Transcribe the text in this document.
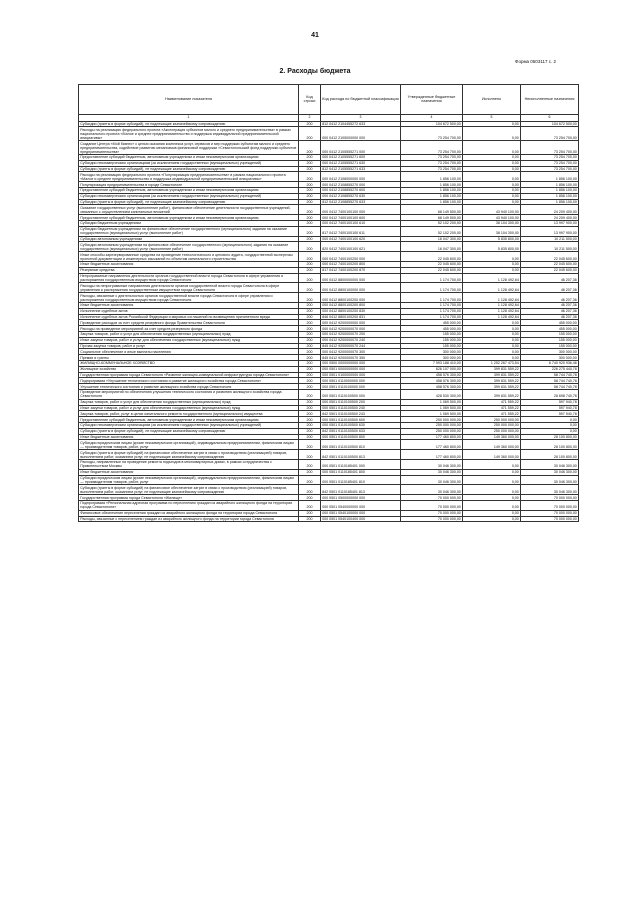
41
Форма 0503117 с. 2
2. Расходы бюджета
Наименование показателя	Код строки	Код расхода по бюджетной классификации	Утвержденные бюджетные назначения	Исполнено	Неисполненные назначения
1	2	3	4	5	6
Субсидии (гранты в форме субсидий), не подлежащие казначейскому сопровождению	200	812 0412 2104455272 633	104 672 500,00	0,00	104 672 500,00
Расходы на реализацию федерального проекта «Акселерация субъектов малого и среднего предпринимательства» в рамках национального проекта «Малое и среднее предпринимательство и поддержка индивидуальной предпринимательской инициативы»	200	000 0412 2105000000 000	73 254 700,00	0,00	73 254 700,00
Создание Центра «Мой бизнес» с целью оказания комплекса услуг, сервисов и мер поддержки субъектам малого и среднего предпринимательства, содействие развитию механизмов финансовой поддержки «Севастопольский фонд поддержки субъектов предпринимательства»	200	000 0412 2105555271 000	73 254 700,00	0,00	73 254 700,00
Предоставление субсидий бюджетным, автономным учреждениям и иным некоммерческим организациям	200	000 0412 2105555271 600	73 254 700,00	0,00	73 254 700,00
Субсидии некоммерческим организациям (за исключением государственных (муниципальных) учреждений)	200	000 0412 2105555271 630	73 254 700,00	0,00	73 254 700,00
Субсидии (гранты в форме субсидий), не подлежащие казначейскому сопровождению	200	812 0412 2105555271 633	73 254 700,00	0,00	73 254 700,00
Расходы на реализацию федерального проекта «Популяризация предпринимательства» в рамках национального проекта «Малое и среднее предпринимательство и поддержка индивидуальной предпринимательской инициативы»	200	000 0412 2108000000 000	1 856 100,00	0,00	1 856 100,00
Популяризация предпринимательства в городе Севастополе	200	000 0412 2108855270 000	1 856 100,00	0,00	1 856 100,00
Предоставление субсидий бюджетным, автономным учреждениям и иным некоммерческим организациям	200	000 0412 2108855270 600	1 856 100,00	0,00	1 856 100,00
Субсидии некоммерческим организациям (за исключением государственных (муниципальных) учреждений)	200	000 0412 2108855270 630	1 856 100,00	0,00	1 856 100,00
Субсидии (гранты в форме субсидий), не подлежащие казначейскому сопровождению	200	812 0412 2108855270 633	1 856 100,00	0,00	1 856 100,00
Оказание государственных услуг (выполнение работ), финансовое обеспечение деятельности государственных учреждений, связанных с осуществлением капитальных вложений	200	000 0412 7400100100 000	68 149 500,00	43 940 100,00	24 209 400,00
Предоставление субсидий бюджетным, автономным учреждениям и иным некоммерческим организациям	200	000 0412 7400100100 600	68 149 500,00	43 940 100,00	24 209 400,00
Субсидии бюджетным учреждениям	200	000 0412 7400100100 610	52 102 200,00	38 104 300,00	13 997 900,00
Субсидии бюджетным учреждениям на финансовое обеспечение государственного (муниципального) задания на оказание государственных (муниципальных) услуг (выполнение работ)	200	817 0412 7400100100 611	52 102 200,00	38 104 300,00	13 997 900,00
Субсидии автономным учреждениям	200	000 0412 7400100100 620	16 047 300,00	5 835 800,00	10 211 500,00
Субсидии автономным учреждениям на финансовое обеспечение государственного (муниципального) задания на оказание государственных (муниципальных) услуг (выполнение работ)	200	820 0412 7400100100 621	16 047 300,00	5 835 800,00	10 211 500,00
Иные способы зарезервированные средства на проведение технологического и ценового аудита, государственной экспертизы проектной документации и инженерных изысканий по объектам капитального строительства	200	000 0412 7400100200 000	22 045 600,00	0,00	22 045 600,00
Иные бюджетные ассигнования	200	000 0412 7400100200 800	22 045 600,00	0,00	22 045 600,00
Резервные средства	200	817 0412 7400100200 870	22 045 600,00	0,00	22 045 600,00
Непрограммные направления деятельности органов государственной власти города Севастополя в сфере управления и распоряжения государственным имуществом города Севастополя	200	000 0412 8800000000 000	1 174 700,00	1 128 492,64	46 207,36
Расходы на непрограммные направления деятельности органов государственной власти города Севастополя в сфере управления и распоряжения государственным имуществом города Севастополя	200	000 0412 8800100000 000	1 174 700,00	1 128 492,64	46 207,36
Расходы, связанные с деятельностью органов государственной власти города Севастополя в сфере управления и распоряжения государственным имуществом города Севастополя	200	000 0412 8800100200 000	1 174 700,00	1 128 492,64	46 207,36
Иные бюджетные ассигнования	200	000 0412 8800100200 800	1 174 700,00	1 128 492,64	46 207,36
Исполнение судебных актов	200	000 0412 8800100200 830	1 174 700,00	1 128 492,64	46 207,36
Исполнение судебных актов Российской Федерации и мировых соглашений по возмещению причиненного вреда	200	846 0412 8800100200 831	1 174 700,00	1 128 492,64	46 207,36
Проведение расходов за счет средств резервного фонда Правительства Севастополя	200	000 0412 9200000000 000	455 000,00	0,00	455 000,00
Расходы на проведение мероприятий за счет средств резервного фонда	200	000 0412 9200000070 000	455 000,00	0,00	455 000,00
Закупка товаров, работ и услуг для обеспечения государственных (муниципальных) нужд	200	000 0412 9200000070 200	155 000,00	0,00	155 000,00
Иные закупки товаров, работ и услуг для обеспечения государственных (муниципальных) нужд	200	000 0412 9200000070 240	155 000,00	0,00	155 000,00
Прочая закупка товаров, работ и услуг	200	845 0412 9200000070 244	155 000,00	0,00	155 000,00
Социальное обеспечение и иные выплаты населению	200	000 0412 9200000070 300	300 000,00	0,00	300 000,00
Премии и гранты	200	845 0412 9200000070 350	300 000,00	0,00	300 000,00
ЖИЛИЩНО-КОММУНАЛЬНОЕ ХОЗЯЙСТВО	200	000 0500 0000000000 000	7 993 188 410,00	1 252 267 473,54	6 740 920 936,46
Жилищное хозяйство	200	000 0501 0000000000 000	626 107 000,00	399 831 559,22	226 275 440,78
Государственная программа города Севастополя «Развитие жилищно-коммунальной инфраструктуры города Севастополя»	200	000 0501 0100000000 000	458 576 300,00	399 831 559,22	58 744 740,78
Подпрограмма «Улучшение технического состояния и развитие жилищного хозяйства города Севастополя»	200	000 0501 0110000000 000	458 576 300,00	399 831 559,22	58 744 740,78
Улучшение технического состояния и развитие жилищного хозяйства города Севастополя	200	000 0501 0110100000 000	458 576 300,00	399 831 559,22	58 744 740,78
Проведение мероприятий по обеспечению улучшения технического состояния и развитию жилищного хозяйства города Севастополя	200	000 0501 0110100500 000	428 530 300,00	399 831 559,22	28 698 740,78
Закупка товаров, работ и услуг для обеспечения государственных (муниципальных) нужд	200	000 0501 0110100500 200	1 069 500,00	471 559,22	597 940,78
Иные закупки товаров, работ и услуг для обеспечения государственных (муниципальных) нужд	200	000 0501 0110100500 240	1 069 500,00	471 559,22	597 940,78
Закупка товаров, работ, услуг в целях капитального ремонта государственного (муниципального) имущества	200	842 0501 0110100500 243	1 069 500,00	471 559,22	597 940,78
Предоставление субсидий бюджетным, автономным учреждениям и иным некоммерческим организациям	200	000 0501 0110100500 600	250 000 000,00	250 000 000,00	0,00
Субсидии некоммерческим организациям (за исключением государственных (муниципальных) учреждений)	200	000 0501 0110100500 630	250 000 000,00	250 000 000,00	0,00
Субсидии (гранты в форме субсидий), не подлежащие казначейскому сопровождению	200	842 0501 0110100500 633	250 000 000,00	250 000 000,00	0,00
Иные бюджетные ассигнования	200	000 0501 0110100500 800	177 460 800,00	149 360 000,00	28 100 800,00
Субсидии юридическим лицам (кроме некоммерческих организаций), индивидуальным предпринимателям, физическим лицам — производителям товаров, работ, услуг	200	000 0501 0110100500 810	177 460 800,00	149 360 000,00	28 100 800,00
Субсидии (гранты в форме субсидий) на финансовое обеспечение затрат в связи с производством (реализацией) товаров, выполнением работ, оказанием услуг, не подлежащие казначейскому сопровождению	200	842 0501 0110100500 813	177 460 800,00	149 360 000,00	28 100 800,00
Расходы, направленные на проведение ремонта подъездов в многоквартирных домах, в рамках сотрудничества с Правительством Москвы	200	000 0501 0110185401 000	30 046 300,00	0,00	30 046 300,00
Иные бюджетные ассигнования	200	000 0501 0110185401 800	30 046 300,00	0,00	30 046 300,00
Субсидии юридическим лицам (кроме некоммерческих организаций), индивидуальным предпринимателям, физическим лицам — производителям товаров, работ, услуг	200	000 0501 0110185401 810	30 046 300,00	0,00	30 046 300,00
Субсидии (гранты в форме субсидий) на финансовое обеспечение затрат в связи с производством (реализацией) товаров, выполнением работ, оказанием услуг, не подлежащие казначейскому сопровождению	200	842 0501 0110185401 813	30 046 300,00	0,00	30 046 300,00
Государственная программа города Севастополя «Жилище»	200	000 0501 0500000000 000	70 000 000,00	0,00	70 000 000,00
Подпрограмма «Региональная адресная программа по переселению граждан из аварийного жилищного фонда на территории города Севастополя»	200	000 0501 0540000000 000	70 000 000,00	0,00	70 000 000,00
Финансовое обеспечение переселения граждан из аварийного жилищного фонда на территории города Севастополя	200	000 0501 0540100000 000	70 000 000,00	0,00	70 000 000,00
Расходы, связанные с переселением граждан из аварийного жилищного фонда на территории города Севастополя	200	000 0501 0540100400 000	70 000 000,00	0,00	70 000 000,00
